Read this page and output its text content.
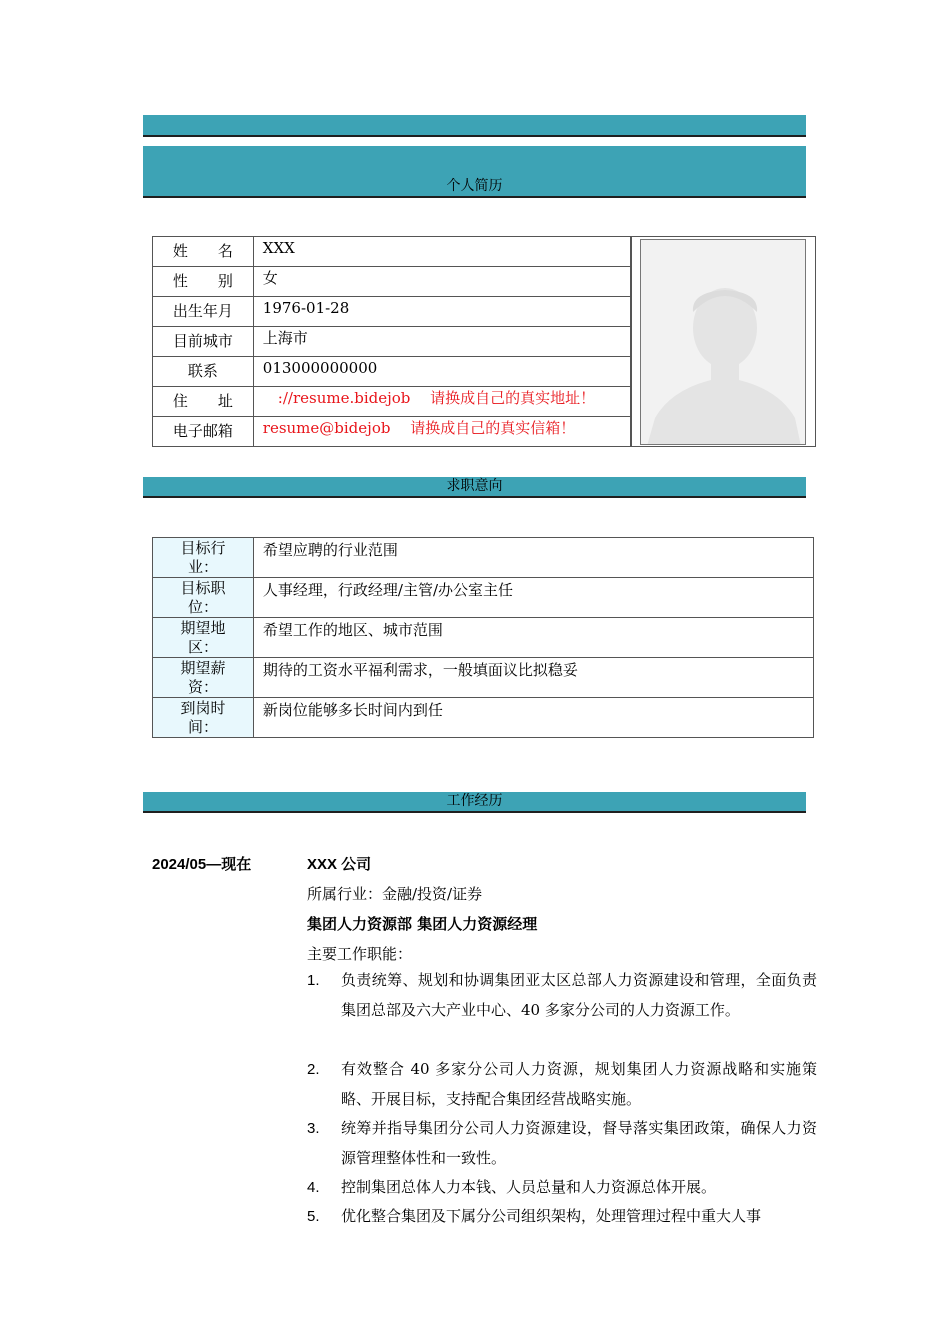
个人简历
姓　　名	XXX
性　　别	女
出生年月	1976-01-28
目前城市	上海市
联系	013000000000
住　　址	　://resume.bidejob　 请换成自己的真实地址！
电子邮箱	resume@bidejob　 请换成自己的真实信箱！
求职意向
目标行业：	希望应聘的行业范围
目标职位：	人事经理，行政经理/主管/办公室主任
期望地区：	希望工作的地区、城市范围
期望薪资：	期待的工资水平福利需求，一般填面议比拟稳妥
到岗时间：	新岗位能够多长时间内到任
工作经历
2024/05—现在	XXX 公司
所属行业：金融/投资/证券
集团人力资源部 集团人力资源经理
主要工作职能：
1. 负责统筹、规划和协调集团亚太区总部人力资源建设和管理，全面负责集团总部及六大产业中心、40 多家分公司的人力资源工作。
2. 有效整合 40 多家分公司人力资源，规划集团人力资源战略和实施策略、开展目标，支持配合集团经营战略实施。
3. 统筹并指导集团分公司人力资源建设，督导落实集团政策，确保人力资源管理整体性和一致性。
4. 控制集团总体人力本钱、人员总量和人力资源总体开展。
5. 优化整合集团及下属分公司组织架构，处理管理过程中重大人事
